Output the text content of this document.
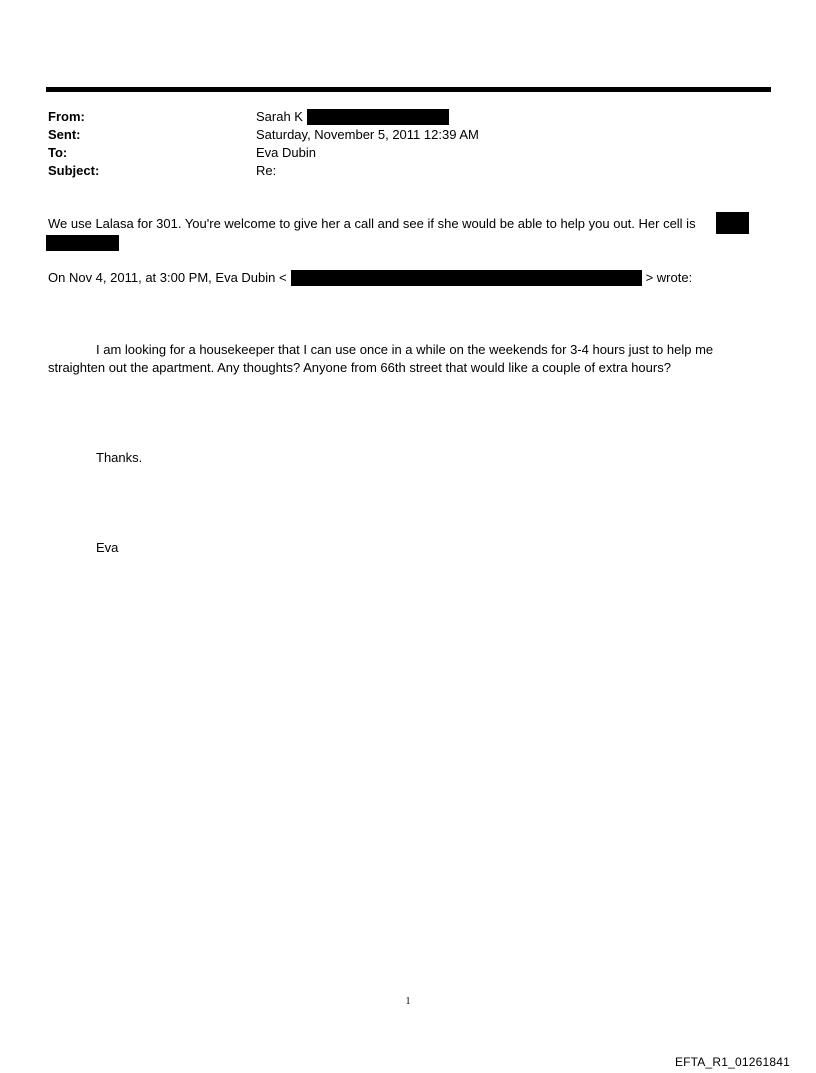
From:	Sarah K
Sent:	Saturday, November 5, 2011 12:39 AM
To:	Eva Dubin
Subject:	Re:
We use Lalasa for 301. You're welcome to give her a call and see if she would be able to help you out. Her cell is
On Nov 4, 2011, at 3:00 PM, Eva Dubin <	> wrote:

I am looking for a housekeeper that I can use once in a while on the weekends for 3-4 hours just to help me straighten out the apartment. Any thoughts? Anyone from 66th street that would like a couple of extra hours?

Thanks.
Eva
1
EFTA_R1_01261841
